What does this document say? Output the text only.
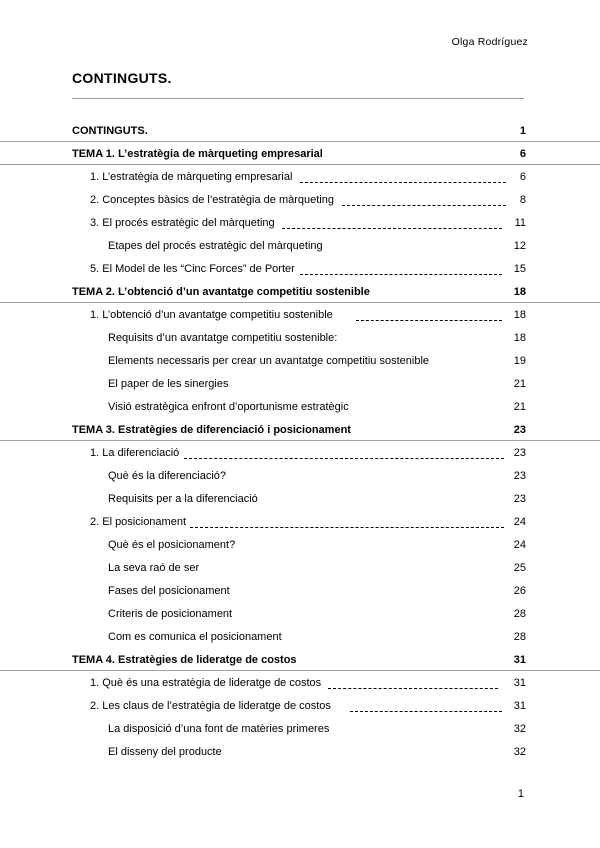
Olga Rodríguez
CONTINGUTS.
CONTINGUTS.	1
TEMA 1. L’estratègia de màrqueting empresarial	6
1. L’estratègia de màrqueting empresarial	6
2. Conceptes bàsics de l’estratègia de màrqueting	8
3. El procés estratègic del màrqueting	11
Etapes del procés estratègic del màrqueting	12
5. El Model de les “Cinc Forces” de Porter	15
TEMA 2. L’obtenció d’un avantatge competitiu sostenible	18
1. L’obtenció d’un avantatge competitiu sostenible	18
Requisits d’un avantatge competitiu sostenible:	18
Elements necessaris per crear un avantatge competitiu sostenible	19
El paper de les sinergies	21
Visió estratègica enfront d’oportunisme estratègic	21
TEMA 3. Estratègies de diferenciació i posicionament	23
1. La diferenciació	23
Què és la diferenciació?	23
Requisits per a la diferenciació	23
2. El posicionament	24
Què és el posicionament?	24
La seva raó de ser	25
Fases del posicionament	26
Criteris de posicionament	28
Com es comunica el posicionament	28
TEMA 4. Estratègies de lideratge de costos	31
1. Què és una estratègia de lideratge de costos	31
2. Les claus de l’estratègia de lideratge de costos	31
La disposició d’una font de matèries primeres	32
El disseny del producte	32
1
